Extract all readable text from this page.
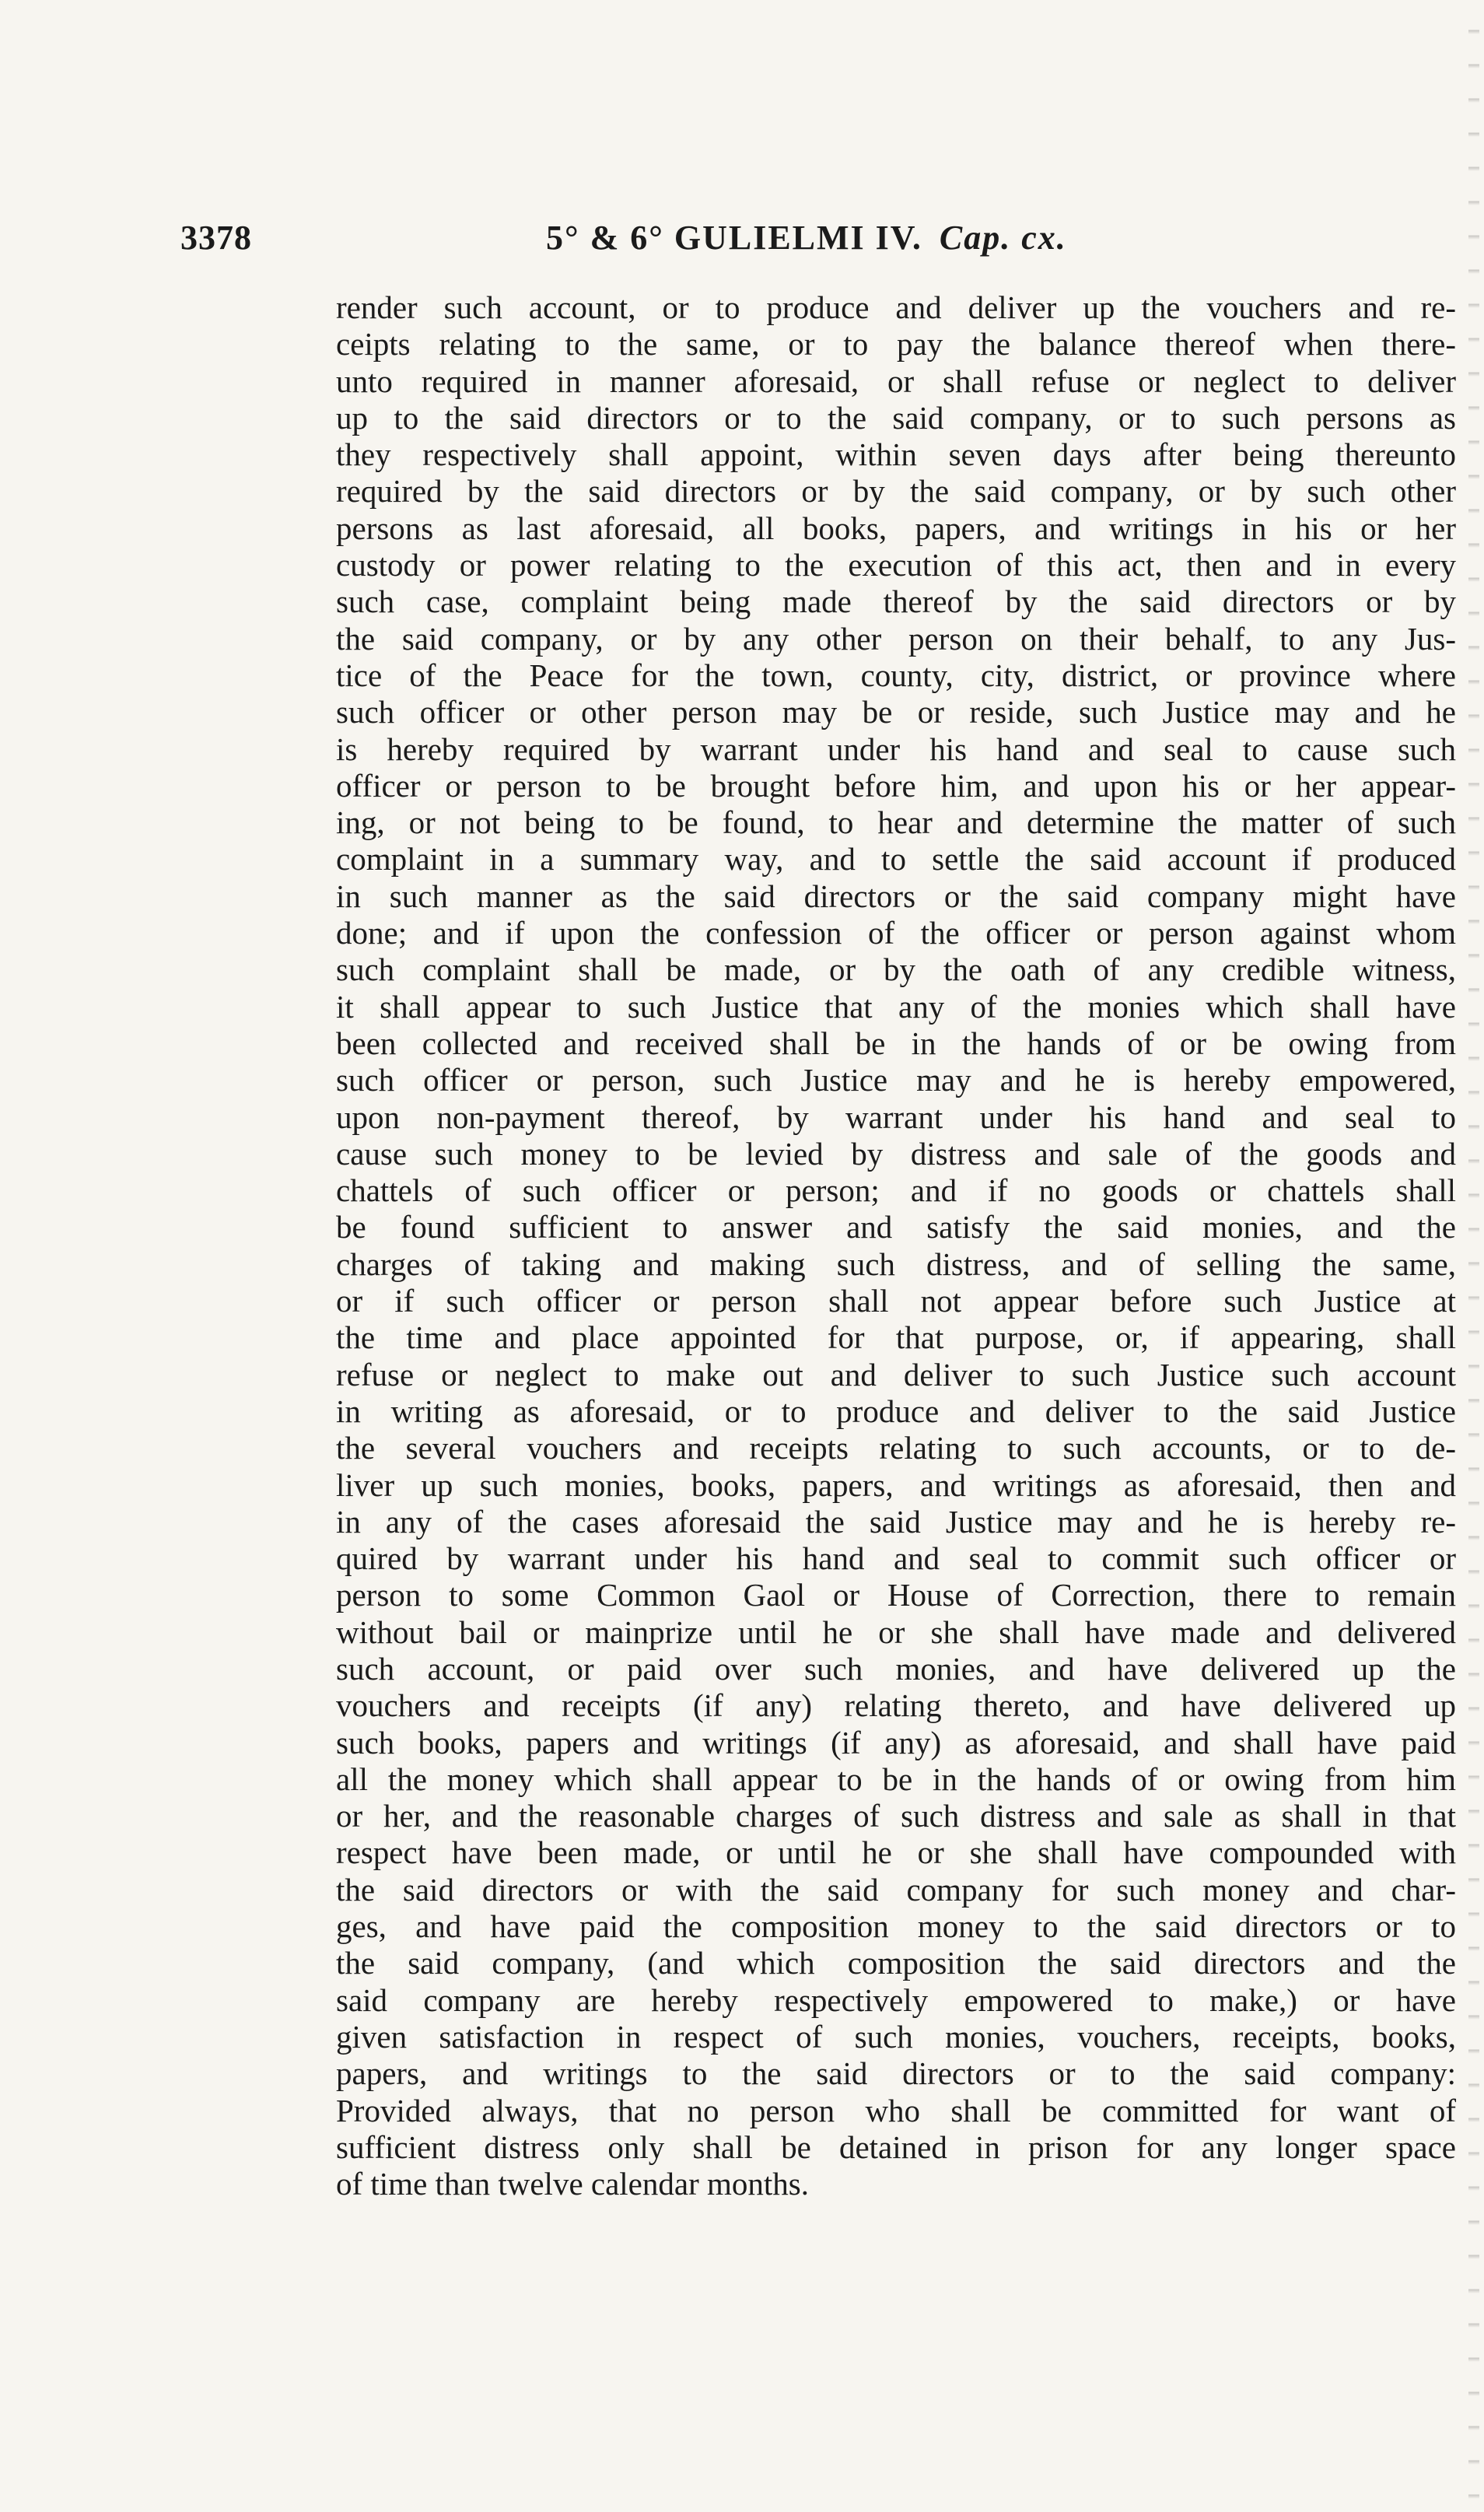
3378	5° & 6° GULIELMI IV. Cap. cx.
render such account, or to produce and deliver up the vouchers and re-
ceipts relating to the same, or to pay the balance thereof when there-
unto required in manner aforesaid, or shall refuse or neglect to deliver
up to the said directors or to the said company, or to such persons as
they respectively shall appoint, within seven days after being thereunto
required by the said directors or by the said company, or by such other
persons as last aforesaid, all books, papers, and writings in his or her
custody or power relating to the execution of this act, then and in every
such case, complaint being made thereof by the said directors or by
the said company, or by any other person on their behalf, to any Jus-
tice of the Peace for the town, county, city, district, or province where
such officer or other person may be or reside, such Justice may and he
is hereby required by warrant under his hand and seal to cause such
officer or person to be brought before him, and upon his or her appear-
ing, or not being to be found, to hear and determine the matter of such
complaint in a summary way, and to settle the said account if produced
in such manner as the said directors or the said company might have
done; and if upon the confession of the officer or person against whom
such complaint shall be made, or by the oath of any credible witness,
it shall appear to such Justice that any of the monies which shall have
been collected and received shall be in the hands of or be owing from
such officer or person, such Justice may and he is hereby empowered,
upon non-payment thereof, by warrant under his hand and seal to
cause such money to be levied by distress and sale of the goods and
chattels of such officer or person; and if no goods or chattels shall
be found sufficient to answer and satisfy the said monies, and the
charges of taking and making such distress, and of selling the same,
or if such officer or person shall not appear before such Justice at
the time and place appointed for that purpose, or, if appearing, shall
refuse or neglect to make out and deliver to such Justice such account
in writing as aforesaid, or to produce and deliver to the said Justice
the several vouchers and receipts relating to such accounts, or to de-
liver up such monies, books, papers, and writings as aforesaid, then and
in any of the cases aforesaid the said Justice may and he is hereby re-
quired by warrant under his hand and seal to commit such officer or
person to some Common Gaol or House of Correction, there to remain
without bail or mainprize until he or she shall have made and delivered
such account, or paid over such monies, and have delivered up the
vouchers and receipts (if any) relating thereto, and have delivered up
such books, papers and writings (if any) as aforesaid, and shall have paid
all the money which shall appear to be in the hands of or owing from him
or her, and the reasonable charges of such distress and sale as shall in that
respect have been made, or until he or she shall have compounded with
the said directors or with the said company for such money and char-
ges, and have paid the composition money to the said directors or to
the said company, (and which composition the said directors and the
said company are hereby respectively empowered to make,) or have
given satisfaction in respect of such monies, vouchers, receipts, books,
papers, and writings to the said directors or to the said company:
Provided always, that no person who shall be committed for want of
sufficient distress only shall be detained in prison for any longer space
of time than twelve calendar months.
